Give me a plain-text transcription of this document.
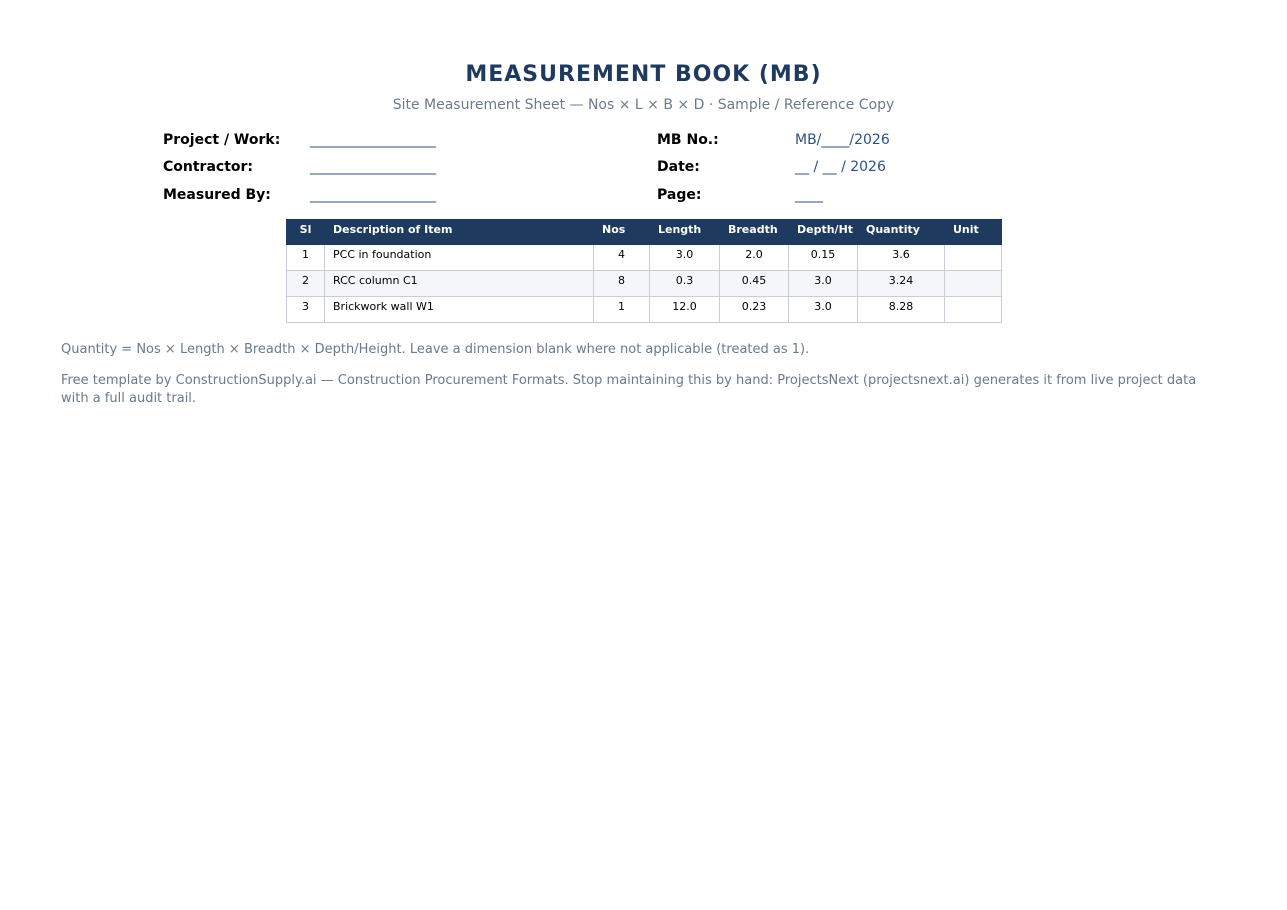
MEASUREMENT BOOK (MB)
Site Measurement Sheet — Nos × L × B × D · Sample / Reference Copy
Project / Work: __________________
Contractor:	__________________
Measured By:	__________________
MB No.:	MB/____/2026
Date:	__ / __ / 2026
Page:	____
Sl	Description of Item	Nos	Length	Breadth	Depth/Ht	Quantity	Unit
1	PCC in foundation	4	3.0	2.0	0.15	3.6	
2	RCC column C1	8	0.3	0.45	3.0	3.24	
3	Brickwork wall W1	1	12.0	0.23	3.0	8.28	
Quantity = Nos × Length × Breadth × Depth/Height. Leave a dimension blank where not applicable (treated as 1).
Free template by ConstructionSupply.ai — Construction Procurement Formats. Stop maintaining this by hand: ProjectsNext (projectsnext.ai) generates it from live project data with a full audit trail.
